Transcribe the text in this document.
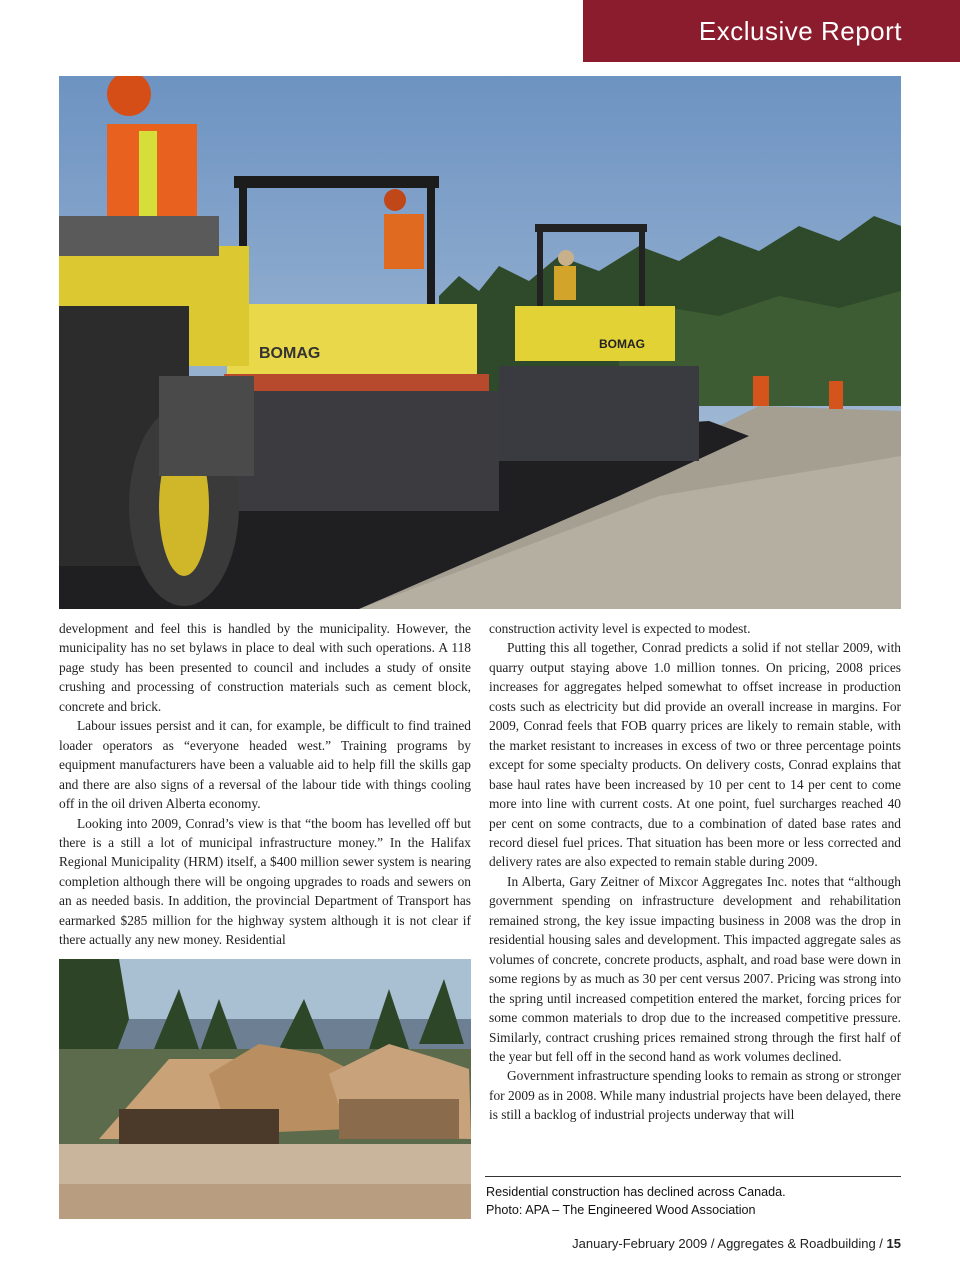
Exclusive Report
BOMAG
BOMAG

development and feel this is handled by the municipality. However, the municipality has no set bylaws in place to deal with such operations. A 118 page study has been presented to council and includes a study of onsite crushing and processing of construction materials such as cement block, concrete and brick.

Labour issues persist and it can, for example, be difficult to find trained loader operators as “everyone headed west.” Training programs by equipment manufacturers have been a valuable aid to help fill the skills gap and there are also signs of a reversal of the labour tide with things cooling off in the oil driven Alberta economy.

Looking into 2009, Conrad’s view is that “the boom has levelled off but there is a still a lot of municipal infrastructure money.” In the Halifax Regional Municipality (HRM) itself, a $400 million sewer system is nearing completion although there will be ongoing upgrades to roads and sewers on an as needed basis. In addition, the provincial Department of Transport has earmarked $285 million for the highway system although it is not clear if there actually any new money. Residential

construction activity level is expected to modest.

Putting this all together, Conrad predicts a solid if not stellar 2009, with quarry output staying above 1.0 million tonnes. On pricing, 2008 prices increases for aggregates helped somewhat to offset increase in production costs such as electricity but did provide an overall increase in margins. For 2009, Conrad feels that FOB quarry prices are likely to remain stable, with the market resistant to increases in excess of two or three percentage points except for some specialty products. On delivery costs, Conrad explains that base haul rates have been increased by 10 per cent to 14 per cent to come more into line with current costs. At one point, fuel surcharges reached 40 per cent on some contracts, due to a combination of dated base rates and record diesel fuel prices. That situation has been more or less corrected and delivery rates are also expected to remain stable during 2009.

In Alberta, Gary Zeitner of Mixcor Aggregates Inc. notes that “although government spending on infrastructure development and rehabilitation remained strong, the key issue impacting business in 2008 was the drop in residential housing sales and development. This impacted aggregate sales as volumes of concrete, concrete products, asphalt, and road base were down in some regions by as much as 30 per cent versus 2007. Pricing was strong into the spring until increased competition entered the market, forcing prices for some common materials to drop due to the increased competitive pressure. Similarly, contract crushing prices remained strong through the first half of the year but fell off in the second hand as work volumes declined.

Government infrastructure spending looks to remain as strong or stronger for 2009 as in 2008. While many industrial projects have been delayed, there is still a backlog of industrial projects underway that will

Residential construction has declined across Canada.
Photo: APA – The Engineered Wood Association
January-February 2009 / Aggregates & Roadbuilding / 15
